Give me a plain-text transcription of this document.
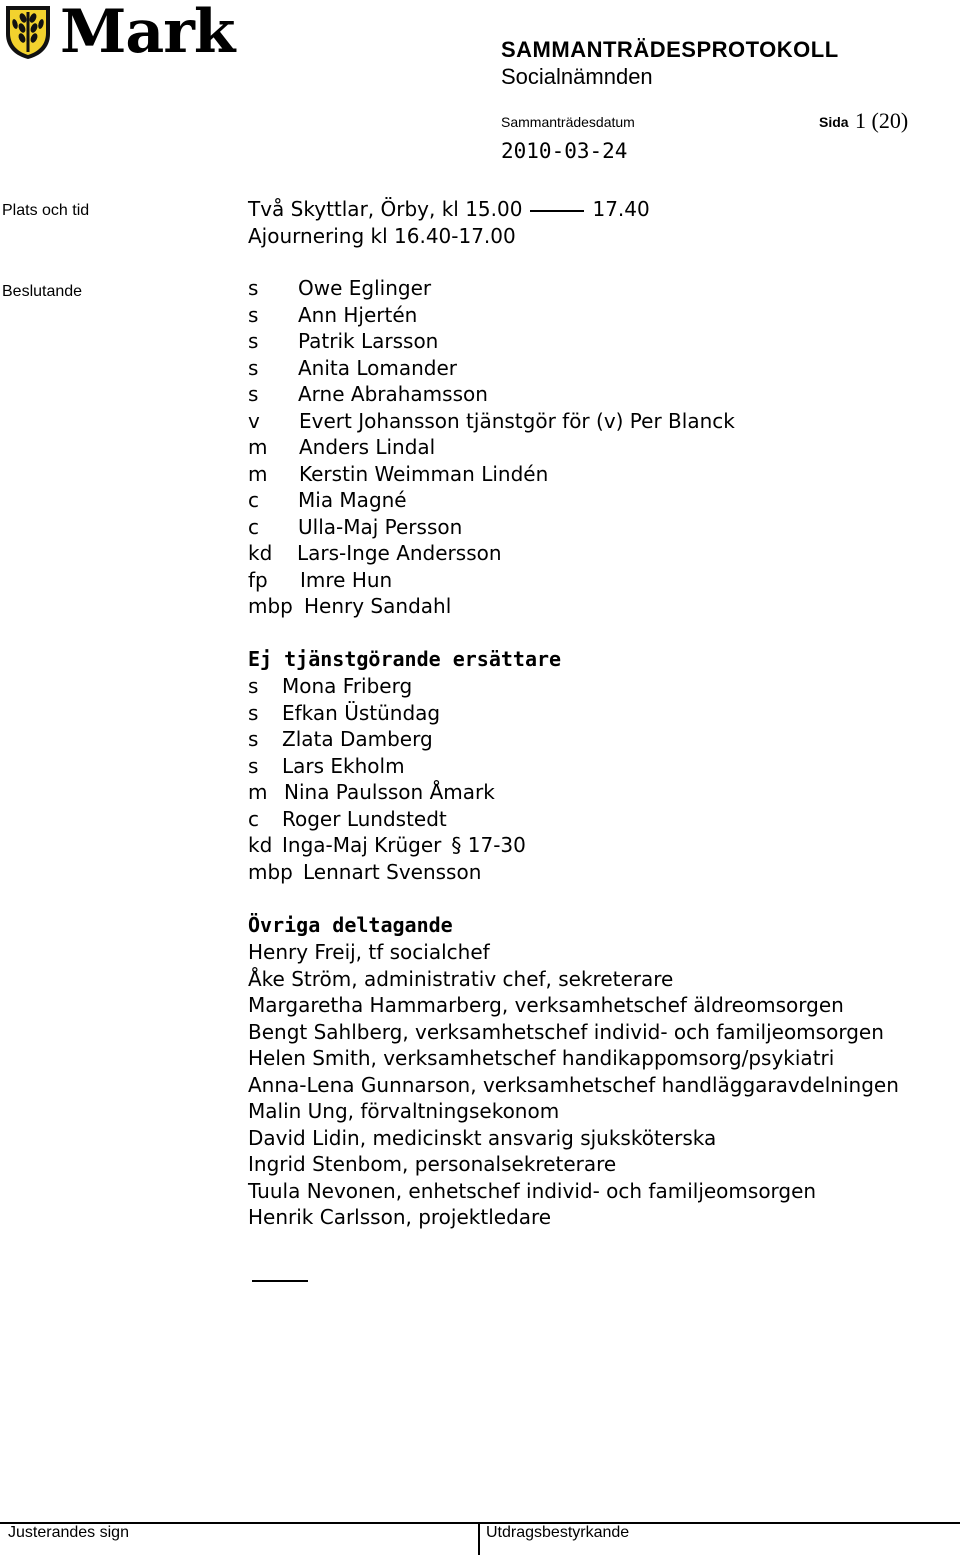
Mark	SAMMANTRÄDESPROTOKOLL
Socialnämnden
Sammanträdesdatum	Sida 1 (20)
2010-03-24
Plats och tid	Två Skyttlar, Örby, kl 15.00	17.40
Ajournering kl 16.40-17.00
Beslutande	s	Owe Eglinger
s	Ann Hjertén
s	Patrik Larsson
s	Anita Lomander
s	Arne Abrahamsson
v	Evert Johansson tjänstgör för (v) Per Blanck
m	Anders Lindal
m	Kerstin Weimman Lindén
c	Mia Magné
c	Ulla-Maj Persson
kd	Lars-Inge Andersson
fp	Imre Hun
mbp Henry Sandahl
Ej tjänstgörande ersättare
s	Mona Friberg
s	Efkan Üstündag
s	Zlata Damberg
s	Lars Ekholm
m Nina Paulsson Åmark
c	Roger Lundstedt
kd Inga-Maj Krüger § 17-30
mbp Lennart Svensson
Övriga deltagande
Henry Freij, tf socialchef
Åke Ström, administrativ chef, sekreterare
Margaretha Hammarberg, verksamhetschef äldreomsorgen
Bengt Sahlberg, verksamhetschef individ- och familjeomsorgen
Helen Smith, verksamhetschef handikappomsorg/psykiatri
Anna-Lena Gunnarson, verksamhetschef handläggaravdelningen
Malin Ung, förvaltningsekonom
David Lidin, medicinskt ansvarig sjuksköterska
Ingrid Stenbom, personalsekreterare
Tuula Nevonen, enhetschef individ- och familjeomsorgen
Henrik Carlsson, projektledare
Justerandes sign	Utdragsbestyrkande
